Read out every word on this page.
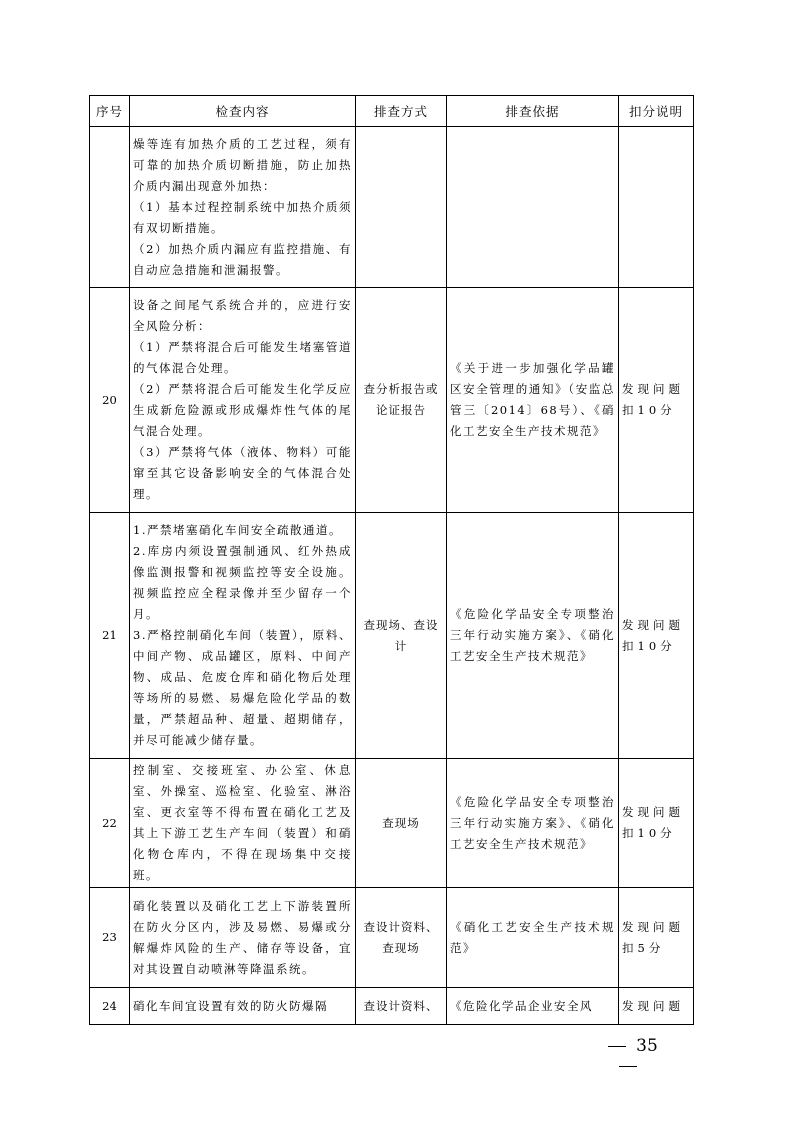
序号	检查内容	排查方式	排查依据	扣分说明

	燥等连有加热介质的工艺过程，须有可靠的加热介质切断措施，防止加热介质内漏出现意外加热：
（1）基本过程控制系统中加热介质须有双切断措施。
（2）加热介质内漏应有监控措施、有自动应急措施和泄漏报警。			

20	设备之间尾气系统合并的，应进行安全风险分析：
（1）严禁将混合后可能发生堵塞管道的气体混合处理。
（2）严禁将混合后可能发生化学反应生成新危险源或形成爆炸性气体的尾气混合处理。
（3）严禁将气体（液体、物料）可能窜至其它设备影响安全的气体混合处理。	查分析报告或论证报告	《关于进一步加强化学品罐区安全管理的通知》（安监总管三〔2014〕68号）、《硝化工艺安全生产技术规范》	发现问题扣10分
21	1.严禁堵塞硝化车间安全疏散通道。
2.库房内须设置强制通风、红外热成像监测报警和视频监控等安全设施。视频监控应全程录像并至少留存一个月。
3.严格控制硝化车间（装置），原料、中间产物、成品罐区，原料、中间产物、成品、危废仓库和硝化物后处理等场所的易燃、易爆危险化学品的数量，严禁超品种、超量、超期储存，并尽可能减少储存量。	查现场、查设计	《危险化学品安全专项整治三年行动实施方案》、《硝化工艺安全生产技术规范》	发现问题扣10分
22	控制室、交接班室、办公室、休息室、外操室、巡检室、化验室、淋浴室、更衣室等不得布置在硝化工艺及其上下游工艺生产车间（装置）和硝化物仓库内，不得在现场集中交接班。	查现场	《危险化学品安全专项整治三年行动实施方案》、《硝化工艺安全生产技术规范》	发现问题扣10分
23	硝化装置以及硝化工艺上下游装置所在防火分区内，涉及易燃、易爆或分解爆炸风险的生产、储存等设备，宜对其设置自动喷淋等降温系统。	查设计资料、查现场	《硝化工艺安全生产技术规范》	发现问题扣5分
24	硝化车间宜设置有效的防火防爆隔	查设计资料、	《危险化学品企业安全风	发现问题
35
